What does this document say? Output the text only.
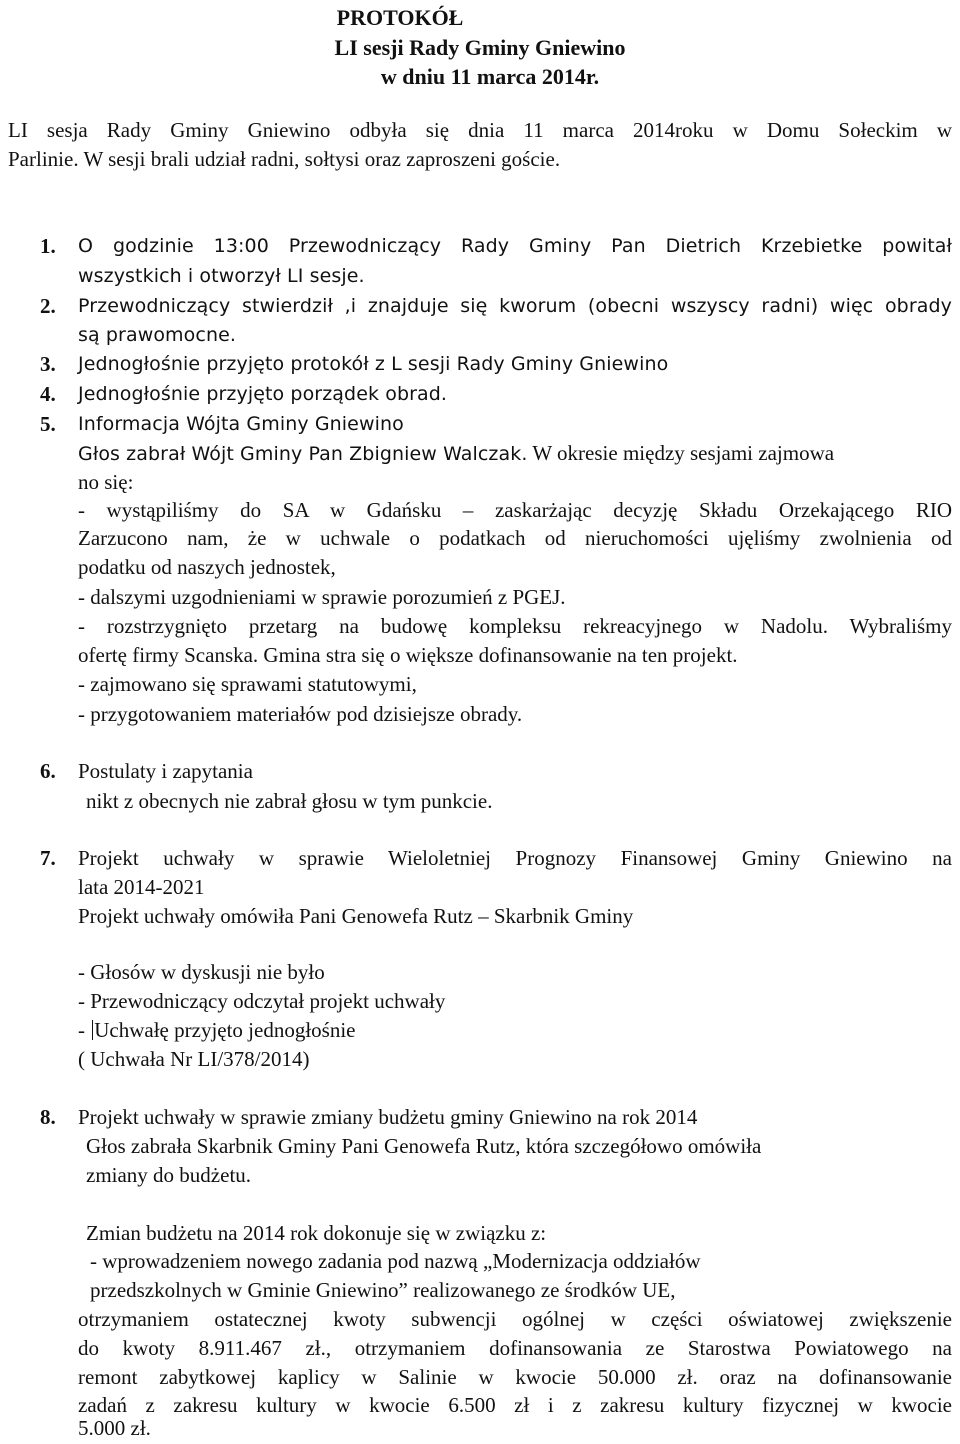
PROTOKÓŁ
LI sesji Rady Gminy Gniewino
w dniu 11 marca 2014r.
LI sesja Rady Gminy Gniewino odbyła się dnia 11 marca 2014roku w Domu Sołeckim w
Parlinie. W sesji brali udział radni, sołtysi oraz zaproszeni goście.
1. O godzinie 13:00 Przewodniczący Rady Gminy Pan Dietrich Krzebietke powitał
wszystkich i otworzył LI sesje.
2. Przewodniczący stwierdził ,i znajduje się kworum (obecni wszyscy radni) więc obrady
są prawomocne.
3. Jednogłośnie przyjęto protokół z L sesji Rady Gminy Gniewino
4. Jednogłośnie przyjęto porządek obrad.
5. Informacja Wójta Gminy Gniewino
Głos zabrał Wójt Gminy Pan Zbigniew Walczak. W okresie między sesjami zajmowa
no się:
- wystąpiliśmy do SA w Gdańsku – zaskarżając decyzję Składu Orzekającego RIO
Zarzucono nam, że w uchwale o podatkach od nieruchomości ujęliśmy zwolnienia od
podatku od naszych jednostek,
- dalszymi uzgodnieniami w sprawie porozumień z PGEJ.
- rozstrzygnięto przetarg na budowę kompleksu rekreacyjnego w Nadolu. Wybraliśmy
ofertę firmy Scanska. Gmina stra się o większe dofinansowanie na ten projekt.
- zajmowano się sprawami statutowymi,
- przygotowaniem materiałów pod dzisiejsze obrady.
6. Postulaty i zapytania
nikt z obecnych nie zabrał głosu w tym punkcie.
7. Projekt uchwały w sprawie Wieloletniej Prognozy Finansowej Gminy Gniewino na
lata 2014-2021
Projekt uchwały omówiła Pani Genowefa Rutz – Skarbnik Gminy
- Głosów w dyskusji nie było
- Przewodniczący odczytał projekt uchwały
- Uchwałę przyjęto jednogłośnie
( Uchwała Nr LI/378/2014)
8. Projekt uchwały w sprawie zmiany budżetu gminy Gniewino na rok 2014
Głos zabrała Skarbnik Gminy Pani Genowefa Rutz, która szczegółowo omówiła
zmiany do budżetu.
Zmian budżetu na 2014 rok dokonuje się w związku z:
- wprowadzeniem nowego zadania pod nazwą „Modernizacja oddziałów
przedszkolnych w Gminie Gniewino” realizowanego ze środków UE,
otrzymaniem ostatecznej kwoty subwencji ogólnej w części oświatowej zwiększenie
do kwoty 8.911.467 zł., otrzymaniem dofinansowania ze Starostwa Powiatowego na
remont zabytkowej kaplicy w Salinie w kwocie 50.000 zł. oraz na dofinansowanie
zadań z zakresu kultury w kwocie 6.500 zł i z zakresu kultury fizycznej w kwocie
5.000 zł.
